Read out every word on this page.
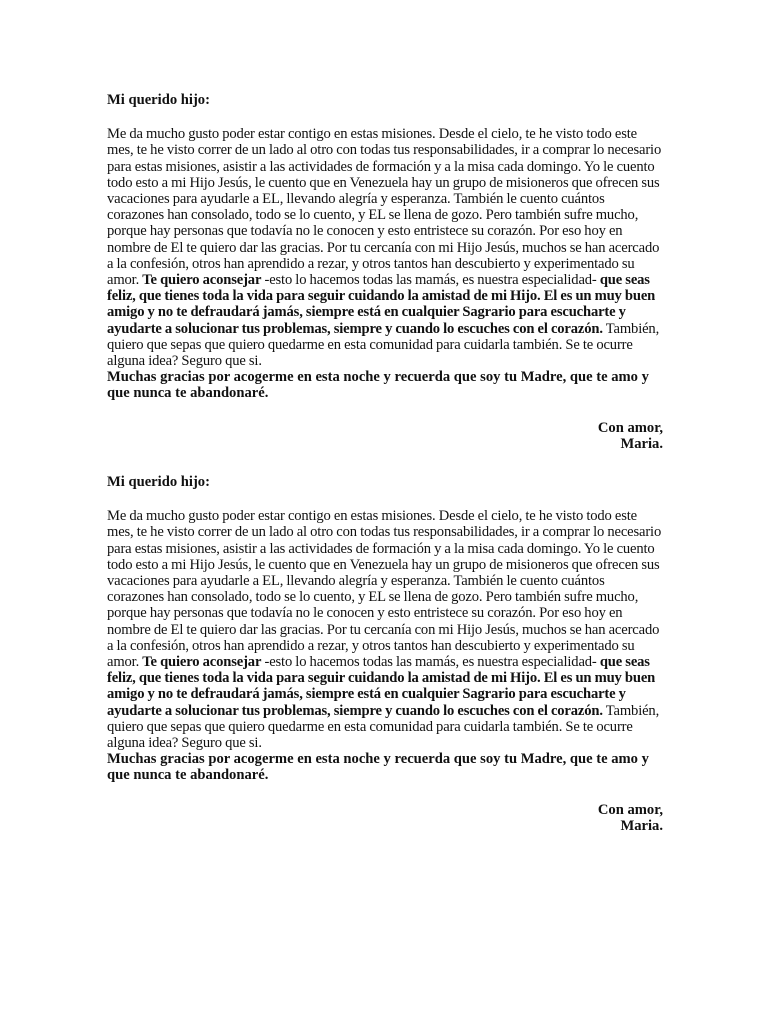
Mi querido hijo:

Me da mucho gusto poder estar contigo en estas misiones. Desde el cielo, te he visto todo este mes, te he visto correr de un lado al otro con todas tus responsabilidades, ir a comprar lo necesario para estas misiones, asistir a las actividades de formación y a la misa cada domingo. Yo le cuento todo esto a mi Hijo Jesús, le cuento que en Venezuela hay un grupo de misioneros que ofrecen sus vacaciones para ayudarle a EL, llevando alegría y esperanza. También le cuento cuántos corazones han consolado, todo se lo cuento, y EL se llena de gozo. Pero también sufre mucho, porque hay personas que todavía no le conocen y esto entristece su corazón. Por eso hoy en nombre de El te quiero dar las gracias. Por tu cercanía con mi Hijo Jesús, muchos se han acercado a la confesión, otros han aprendido a rezar, y otros tantos han descubierto y experimentado su amor. Te quiero aconsejar -esto lo hacemos todas las mamás, es nuestra especialidad- que seas feliz, que tienes toda la vida para seguir cuidando la amistad de mi Hijo. El es un muy buen amigo y no te defraudará jamás, siempre está en cualquier Sagrario para escucharte y ayudarte a solucionar tus problemas, siempre y cuando lo escuches con el corazón. También, quiero que sepas que quiero quedarme en esta comunidad para cuidarla también. Se te ocurre alguna idea? Seguro que si.

Muchas gracias por acogerme en esta noche y recuerda que soy tu Madre, que te amo y que nunca te abandonaré.

Con amor,
Maria.

Mi querido hijo:

Me da mucho gusto poder estar contigo en estas misiones. Desde el cielo, te he visto todo este mes, te he visto correr de un lado al otro con todas tus responsabilidades, ir a comprar lo necesario para estas misiones, asistir a las actividades de formación y a la misa cada domingo. Yo le cuento todo esto a mi Hijo Jesús, le cuento que en Venezuela hay un grupo de misioneros que ofrecen sus vacaciones para ayudarle a EL, llevando alegría y esperanza. También le cuento cuántos corazones han consolado, todo se lo cuento, y EL se llena de gozo. Pero también sufre mucho, porque hay personas que todavía no le conocen y esto entristece su corazón. Por eso hoy en nombre de El te quiero dar las gracias. Por tu cercanía con mi Hijo Jesús, muchos se han acercado a la confesión, otros han aprendido a rezar, y otros tantos han descubierto y experimentado su amor. Te quiero aconsejar -esto lo hacemos todas las mamás, es nuestra especialidad- que seas feliz, que tienes toda la vida para seguir cuidando la amistad de mi Hijo. El es un muy buen amigo y no te defraudará jamás, siempre está en cualquier Sagrario para escucharte y ayudarte a solucionar tus problemas, siempre y cuando lo escuches con el corazón. También, quiero que sepas que quiero quedarme en esta comunidad para cuidarla también. Se te ocurre alguna idea? Seguro que si.

Muchas gracias por acogerme en esta noche y recuerda que soy tu Madre, que te amo y que nunca te abandonaré.

Con amor,
Maria.
